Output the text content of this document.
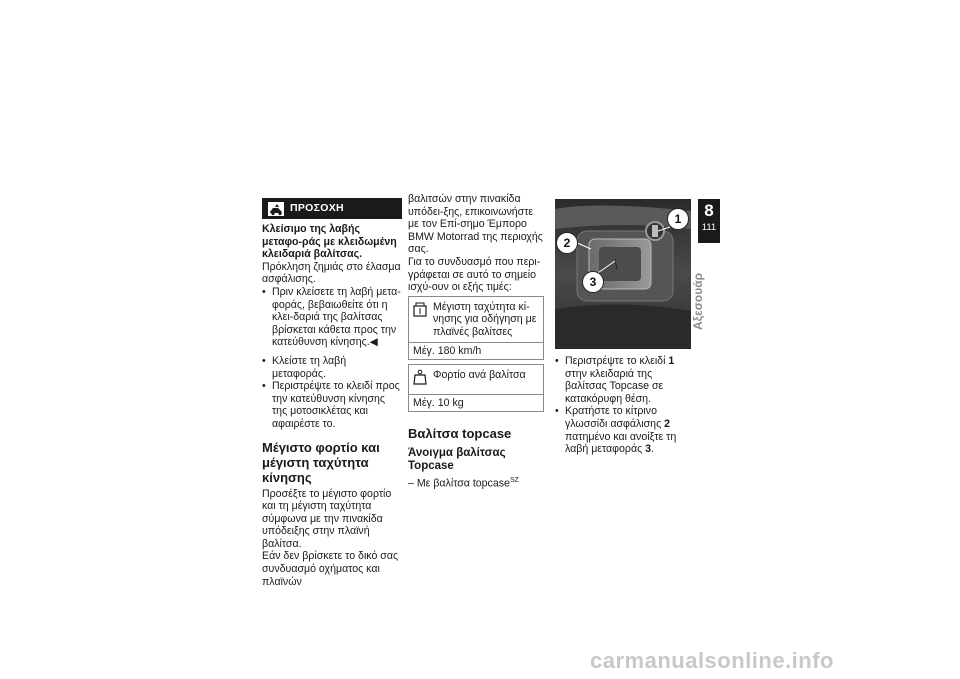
ΠΡΟΣΟΧΗ

Κλείσιμο της λαβής μεταφο-ράς με κλειδωμένη κλειδαριά βαλίτσας.

Πρόκληση ζημιάς στο έλασμα ασφάλισης.

• Πριν κλείσετε τη λαβή μετα-φοράς, βεβαιωθείτε ότι η κλει-δαριά της βαλίτσας βρίσκεται κάθετα προς την κατεύθυνση κίνησης.◀
• Κλείστε τη λαβή μεταφοράς.
• Περιστρέψτε το κλειδί προς την κατεύθυνση κίνησης της μοτοσικλέτας και αφαιρέστε το.
Μέγιστο φορτίο και μέγιστη ταχύτητα κίνησης

Προσέξτε το μέγιστο φορτίο και τη μέγιστη ταχύτητα σύμφωνα με την πινακίδα υπόδειξης στην πλαϊνή βαλίτσα.

Εάν δεν βρίσκετε το δικό σας συνδυασμό οχήματος και πλαϊνών

βαλιτσών στην πινακίδα υπόδει-ξης, επικοινωνήστε με τον Επί-σημο Έμπορο BMW Motorrad της περιοχής σας.

Για το συνδυασμό που περι-γράφεται σε αυτό το σημείο ισχύ-ουν οι εξής τιμές:

Μέγιστη ταχύτητα κί-νησης για οδήγηση με πλαϊνές βαλίτσες
Μέγ. 180 km/h
Φορτίο ανά βαλίτσα
Μέγ. 10 kg
Βαλίτσα topcase
Άνοιγμα βαλίτσας Topcase

– Με βαλίτσα topcase$^{SZ}$

1
2
3
• Περιστρέψτε το κλειδί 1 στην κλειδαριά της βαλίτσας Topcase σε κατακόρυφη θέση.
• Κρατήστε το κίτρινο γλωσσίδι ασφάλισης 2 πατημένο και ανοίξτε τη λαβή μεταφοράς 3.
8
111
Αξεσουάρ
carmanualsonline.info
